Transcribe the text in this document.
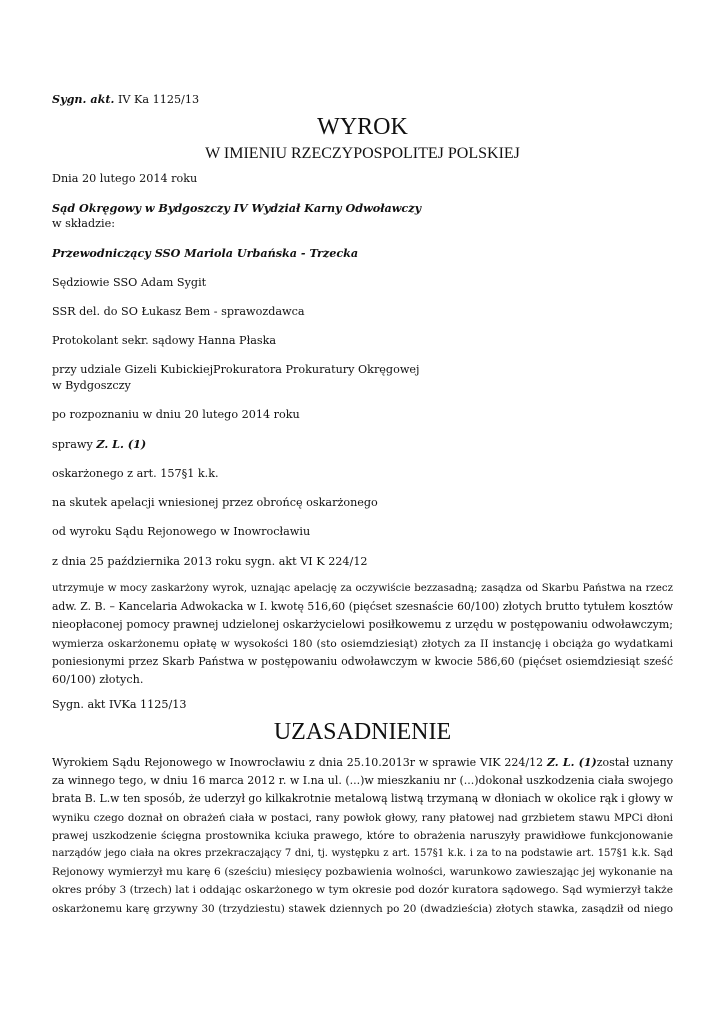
Sygn. akt. IV Ka 1125/13

WYROK
W IMIENIU RZECZYPOSPOLITEJ POLSKIEJ

Dnia 20 lutego 2014 roku

Sąd Okręgowy w Bydgoszczy IV Wydział Karny Odwoławczy

w składzie:

Przewodniczący SSO Mariola Urbańska - Trzecka

Sędziowie SSO Adam Sygit

SSR del. do SO Łukasz Bem - sprawozdawca

Protokolant sekr. sądowy Hanna Płaska

przy udziale Gizeli KubickiejProkuratora Prokuratury Okręgowej

w Bydgoszczy

po rozpoznaniu w dniu 20 lutego 2014 roku

sprawy Z. L. (1)

oskarżonego z art. 157§1 k.k.

na skutek apelacji wniesionej przez obrońcę oskarżonego

od wyroku Sądu Rejonowego w Inowrocławiu

z dnia 25 października 2013 roku sygn. akt VI K 224/12

utrzymuje w mocy zaskarżony wyrok, uznając apelację za oczywiście bezzasadną; zasądza od Skarbu Państwa na rzecz
adw. Z. B. – Kancelaria Adwokacka w I. kwotę 516,60 (pięćset szesnaście 60/100) złotych brutto tytułem kosztów
nieopłaconej pomocy prawnej udzielonej oskarżycielowi posiłkowemu z urzędu w postępowaniu odwoławczym;
wymierza oskarżonemu opłatę w wysokości 180 (sto osiemdziesiąt) złotych za II instancję i obciąża go wydatkami
poniesionymi przez Skarb Państwa w postępowaniu odwoławczym w kwocie 586,60 (pięćset osiemdziesiąt sześć
60/100) złotych.

Sygn. akt IVKa 1125/13

UZASADNIENIE
Wyrokiem Sądu Rejonowego w Inowrocławiu z dnia 25.10.2013r w sprawie VIK 224/12 Z. L. (1)został uznany
za winnego tego, w dniu 16 marca 2012 r. w I.na ul. (...)w mieszkaniu nr (...)dokonał uszkodzenia ciała swojego
brata B. L.w ten sposób, że uderzył go kilkakrotnie metalową listwą trzymaną w dłoniach w okolice rąk i głowy w
wyniku czego doznał on obrażeń ciała w postaci, rany powłok głowy, rany płatowej nad grzbietem stawu MPCi dłoni
prawej uszkodzenie ścięgna prostownika kciuka prawego, które to obrażenia naruszyły prawidłowe funkcjonowanie
narządów jego ciała na okres przekraczający 7 dni, tj. występku z art. 157§1 k.k. i za to na podstawie art. 157§1 k.k. Sąd
Rejonowy wymierzył mu karę 6 (sześciu) miesięcy pozbawienia wolności, warunkowo zawieszając jej wykonanie na
okres próby 3 (trzech) lat i oddając oskarżonego w tym okresie pod dozór kuratora sądowego. Sąd wymierzył także
oskarżonemu karę grzywny 30 (trzydziestu) stawek dziennych po 20 (dwadzieścia) złotych stawka, zasądził od niego
